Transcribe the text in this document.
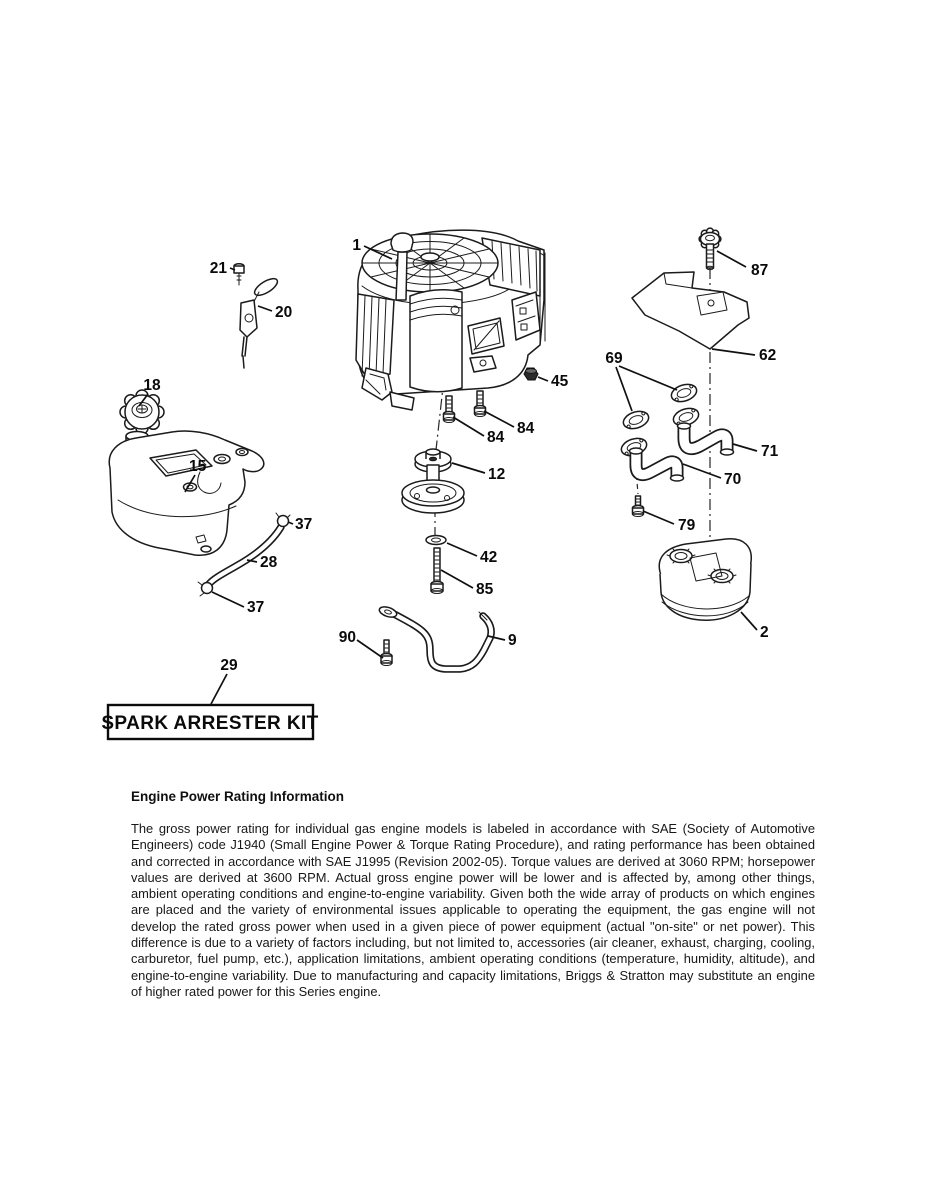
SPARK ARRESTER KIT
1
21
20
18
15
37
28
37
29
87
62
69
71
70
79
2
45
84
84
12
42
85
90	9
Engine Power Rating Information

The gross power rating for individual gas engine models is labeled in accordance with SAE (Society of Automotive Engineers) code J1940 (Small Engine Power & Torque Rating Procedure), and rating performance has been obtained and corrected in accordance with SAE J1995 (Revision 2002-05). Torque values are derived at 3060 RPM; horsepower values are derived at 3600 RPM. Actual gross engine power will be lower and is affected by, among other things, ambient operating conditions and engine-to-engine variability. Given both the wide array of products on which engines are placed and the variety of environmental issues applicable to operating the equipment, the gas engine will not develop the rated gross power when used in a given piece of power equipment (actual "on-site" or net power). This difference is due to a variety of factors including, but not limited to, accessories (air cleaner, exhaust, charging, cooling, carburetor, fuel pump, etc.), application limitations, ambient operating conditions (temperature, humidity, altitude), and engine-to-engine variability. Due to manufacturing and capacity limitations, Briggs & Stratton may substitute an engine of higher rated power for this Series engine.
